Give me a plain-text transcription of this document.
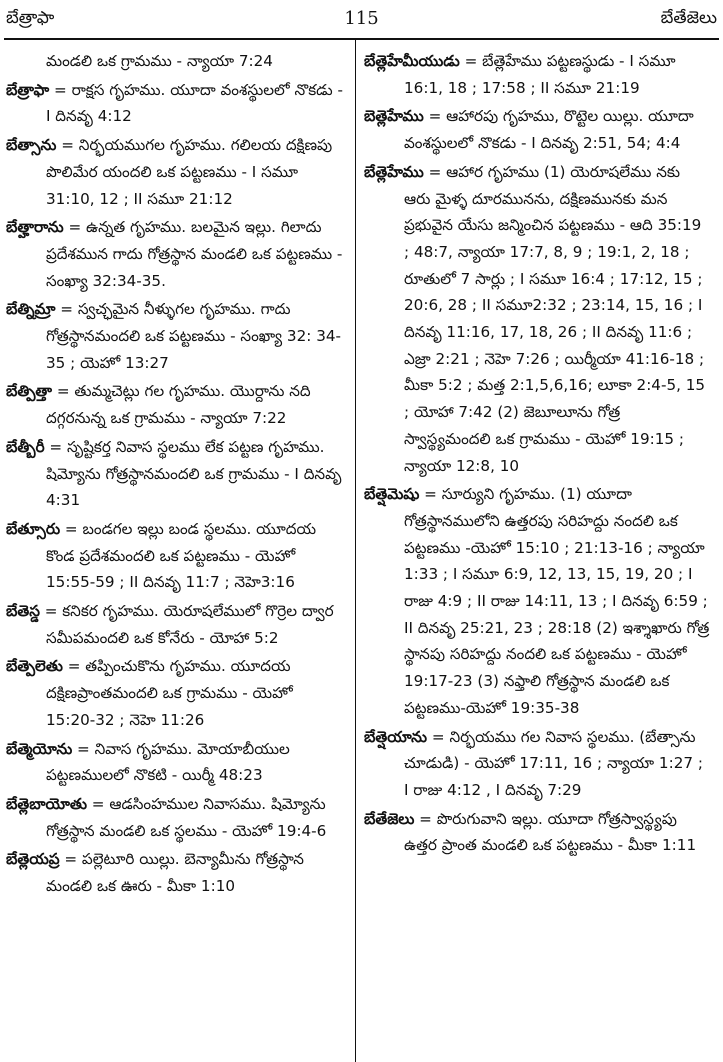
బేత్రాఫా	115	బేతేజెలు

మండలి ఒక గ్రామము - న్యాయా 7:24

బేత్రాఫా = రాక్షస గృహము. యూదా వంశస్థులలో నొకడు - I దినవృ 4:12

బేత్సాను = నిర్భయముగల గృహము. గలిలయ దక్షిణపు పొలిమేర యందలి ఒక పట్టణము - I సమూ 31:10, 12 ; II సమూ 21:12

బేత్హారాను = ఉన్నత గృహము. బలమైన ఇల్లు. గిలాదు ప్రదేశమున గాదు గోత్రస్థాన మండలి ఒక పట్టణము - సంఖ్యా 32:34-35.

బేత్నిమ్రా = స్వచ్ఛమైన నీళ్ళుగల గృహము. గాదు గోత్రస్థానమందలి ఒక పట్టణము - సంఖ్యా 32: 34-35 ; యెహో 13:27

బేత్పిత్తా = తుమ్మచెట్లు గల గృహము. యొర్దాను నది దగ్గరనున్న ఒక గ్రామము - న్యాయా 7:22

బేత్బీరీ = సృష్టికర్త నివాస స్థలము లేక పట్టణ గృహము. షిమ్యోను గోత్రస్థానమందలి ఒక గ్రామము - I దినవృ 4:31

బేత్సూరు = బండగల ఇల్లు బండ స్థలము. యూదయ కొండ ప్రదేశమందలి ఒక పట్టణము - యెహో 15:55-59 ; II దినవృ 11:7 ; నెహె3:16

బేతెస్డ = కనికర గృహము. యెరూషలేములో గొర్రెల ద్వార సమీపమందలి ఒక కోనేరు - యోహా 5:2

బేత్పెలెతు = తప్పించుకొను గృహము. యూదయ దక్షిణప్రాంతమందలి ఒక గ్రామము - యెహో 15:20-32 ; నెహె 11:26

బేత్మెయోను = నివాస గృహము. మోయాబీయుల పట్టణములలో నొకటి - యిర్మీ 48:23

బేత్లెబాయోతు = ఆడసింహముల నివాసము. షిమ్యోను గోత్రస్థాన మండలి ఒక స్థలము - యెహో 19:4-6

బేత్లెయప్ర = పల్లెటూరి యిల్లు. బెన్యామీను గోత్రస్థాన మండలి ఒక ఊరు - మీకా 1:10

బేత్లెహేమీయుడు = బేత్లెహేము పట్టణస్థుడు - I సమూ 16:1, 18 ; 17:58 ; II సమూ 21:19

బెత్లెహేము = ఆహారపు గృహము, రొట్టెల యిల్లు. యూదా వంశస్థులలో నొకడు - I దినవృ 2:51, 54; 4:4

బేత్లెహేము = ఆహార గృహము (1) యెరూషలేము నకు ఆరు మైళ్ళ దూరమునను, దక్షిణమునకు మన ప్రభువైన యేసు జన్మించిన పట్టణము - ఆది 35:19 ; 48:7, న్యాయా 17:7, 8, 9 ; 19:1, 2, 18 ; రూతులో 7 సార్లు ; I సమూ 16:4 ; 17:12, 15 ; 20:6, 28 ; II సమూ2:32 ; 23:14, 15, 16 ; I దినవృ 11:16, 17, 18, 26 ; II దినవృ 11:6 ; ఎజ్రా 2:21 ; నెహె 7:26 ; యిర్మీయా 41:16-18 ; మీకా 5:2 ; మత్త 2:1,5,6,16; లూకా 2:4-5, 15 ; యోహా 7:42 (2) జెబూలూను గోత్ర స్వాస్థ్యమందలి ఒక గ్రామము - యెహో 19:15 ; న్యాయా 12:8, 10

బేత్షెమెషు = సూర్యుని గృహము. (1) యూదా గోత్రస్థానములోని ఉత్తరపు సరిహద్దు నందలి ఒక పట్టణము -యెహో 15:10 ; 21:13-16 ; న్యాయా 1:33 ; I సమూ 6:9, 12, 13, 15, 19, 20 ; I రాజు 4:9 ; II రాజు 14:11, 13 ; I దినవృ 6:59 ; II దినవృ 25:21, 23 ; 28:18 (2) ఇశ్శాఖారు గోత్ర స్థానపు సరిహద్దు నందలి ఒక పట్టణము - యెహో 19:17-23 (3) నఫ్తాలి గోత్రస్థాన మండలి ఒక పట్టణము-యెహో 19:35-38

బేత్షెయాను = నిర్భయము గల నివాస స్థలము. (బేత్సాను చూడుడి) - యెహో 17:11, 16 ; న్యాయా 1:27 ; I రాజు 4:12 , I దినవృ 7:29

బేతేజెలు = పొరుగువాని ఇల్లు. యూదా గోత్రస్వాస్థ్యపు ఉత్తర ప్రాంత మండలి ఒక పట్టణము - మీకా 1:11
